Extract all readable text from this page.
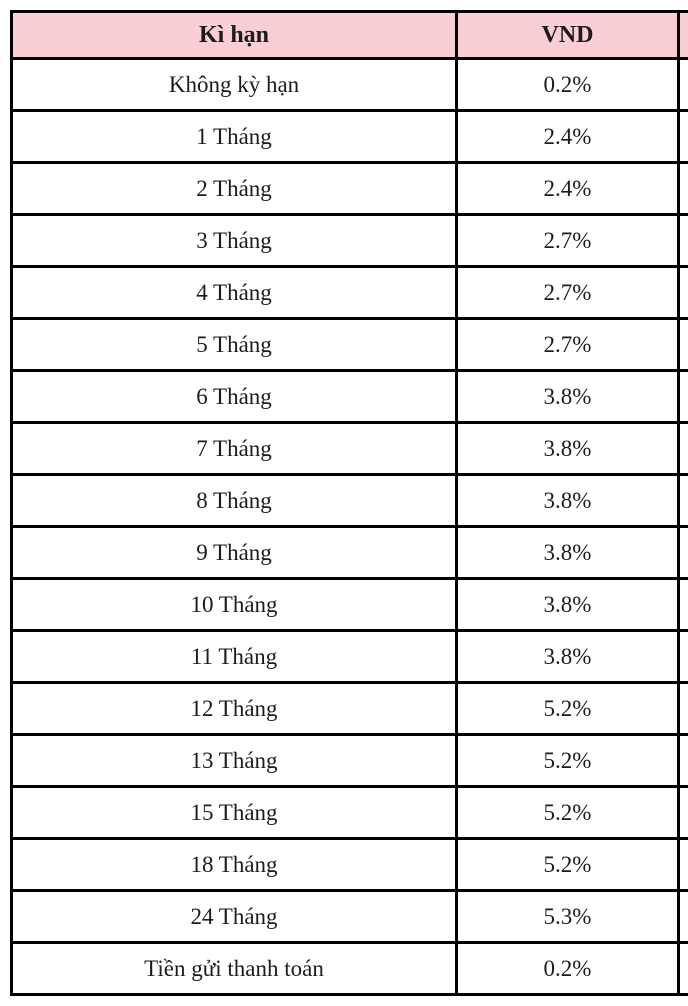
Kì hạn	VND	
Không kỳ hạn	0.2%	
1 Tháng	2.4%	
2 Tháng	2.4%	
3 Tháng	2.7%	
4 Tháng	2.7%	
5 Tháng	2.7%	
6 Tháng	3.8%	
7 Tháng	3.8%	
8 Tháng	3.8%	
9 Tháng	3.8%	
10 Tháng	3.8%	
11 Tháng	3.8%	
12 Tháng	5.2%	
13 Tháng	5.2%	
15 Tháng	5.2%	
18 Tháng	5.2%	
24 Tháng	5.3%	
Tiền gửi thanh toán	0.2%	
